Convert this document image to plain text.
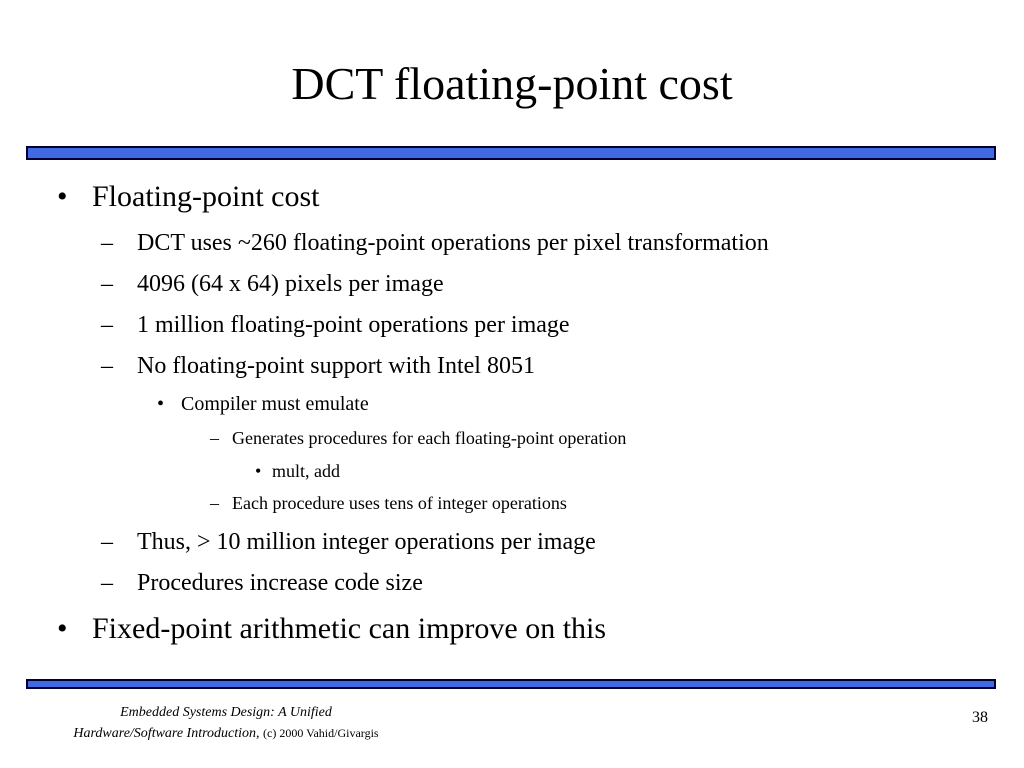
DCT floating-point cost
• Floating-point cost
–	DCT uses ~260 floating-point operations per pixel transformation
–	4096 (64 x 64) pixels per image
–	1 million floating-point operations per image
–	No floating-point support with Intel 8051
• Compiler must emulate
– Generates procedures for each floating-point operation
• mult, add
– Each procedure uses tens of integer operations
–	Thus, > 10 million integer operations per image
–	Procedures increase code size
• Fixed-point arithmetic can improve on this
Embedded Systems Design: A Unified
Hardware/Software Introduction, (c) 2000 Vahid/Givargis
38
